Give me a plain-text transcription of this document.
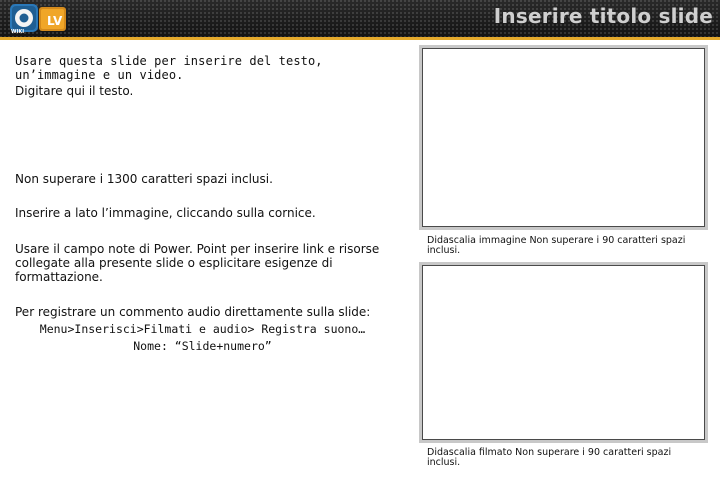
LV
WIKI
Inserire titolo slide

Usare questa slide per inserire del testo, un’immagine e un video.

Digitare qui il testo.

Non superare i 1300 caratteri spazi inclusi.

Inserire a lato l’immagine, cliccando sulla cornice.

Usare il campo note di Power. Point per inserire link e risorse collegate alla presente slide o esplicitare esigenze di formattazione.

Per registrare un commento audio direttamente sulla slide:

Menu>Inserisci>Filmati e audio> Registra suono…

Nome: “Slide+numero”

Didascalia immagine Non superare i 90 caratteri spazi inclusi.

Didascalia filmato Non superare i 90 caratteri spazi inclusi.
